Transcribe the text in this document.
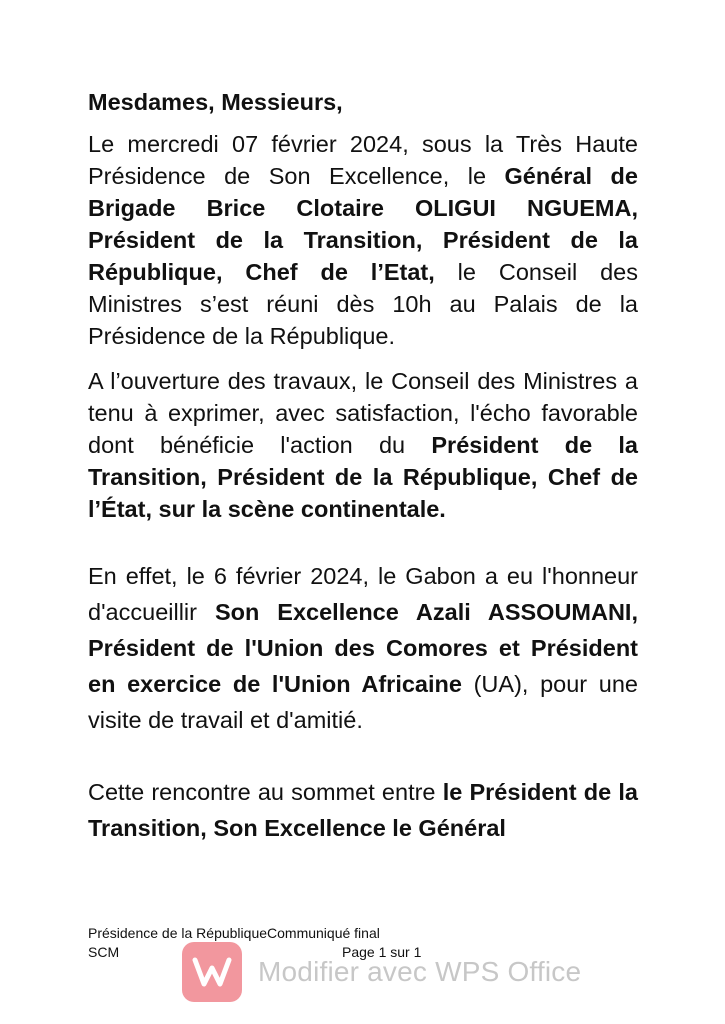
Mesdames, Messieurs,

Le mercredi 07 février 2024, sous la Très Haute Présidence de Son Excellence, le Général de Brigade Brice Clotaire OLIGUI NGUEMA, Président de la Transition, Président de la République, Chef de l’Etat, le Conseil des Ministres s’est réuni dès 10h au Palais de la Présidence de la République.

A l’ouverture des travaux, le Conseil des Ministres a tenu à exprimer, avec satisfaction, l'écho favorable dont bénéficie l'action du Président de la Transition, Président de la République, Chef de l’État, sur la scène continentale.

En effet, le 6 février 2024, le Gabon a eu l'honneur d'accueillir Son Excellence Azali ASSOUMANI, Président de l'Union des Comores et Président en exercice de l'Union Africaine (UA), pour une visite de travail et d'amitié.

Cette rencontre au sommet entre le Président de la Transition, Son Excellence le Général

Présidence de la RépubliqueCommuniqué final
SCM	Page 1 sur 1
Modifier avec WPS Office
